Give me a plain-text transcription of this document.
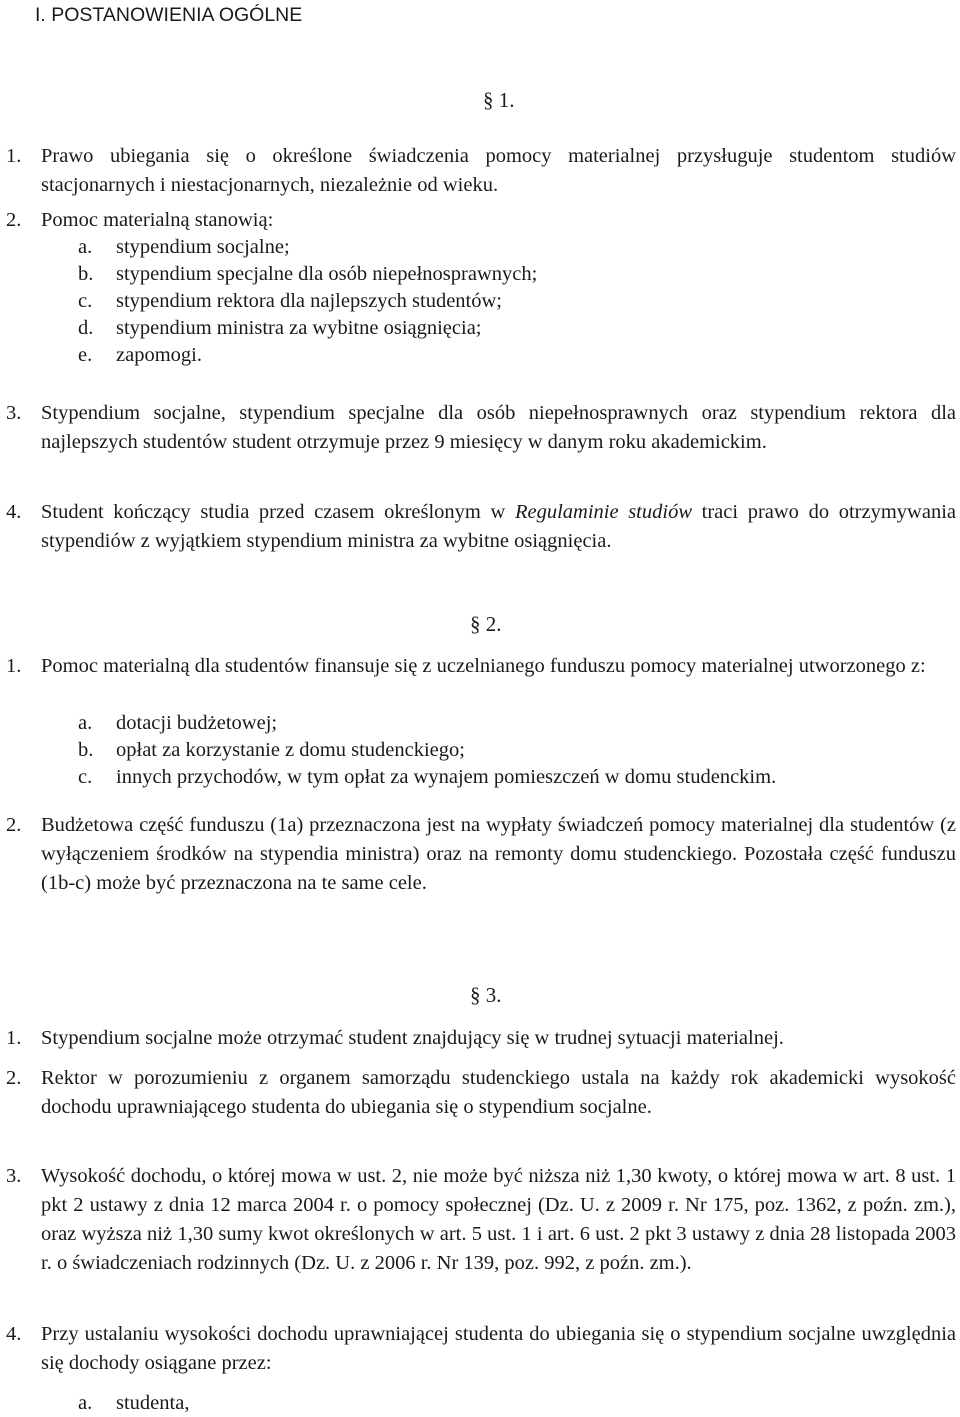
I. POSTANOWIENIA OGÓLNE
§ 1.
1. Prawo ubiegania się o określone świadczenia pomocy materialnej przysługuje studentom studiów stacjonarnych i niestacjonarnych, niezależnie od wieku.
2. Pomoc materialną stanowią:
a. stypendium socjalne;
b. stypendium specjalne dla osób niepełnosprawnych;
c. stypendium rektora dla najlepszych studentów;
d. stypendium ministra za wybitne osiągnięcia;
e. zapomogi.
3. Stypendium socjalne, stypendium specjalne dla osób niepełnosprawnych oraz stypendium rektora dla najlepszych studentów student otrzymuje przez 9 miesięcy w danym roku akademickim.
4. Student kończący studia przed czasem określonym w Regulaminie studiów traci prawo do otrzymywania stypendiów z wyjątkiem stypendium ministra za wybitne osiągnięcia.
§ 2.
1. Pomoc materialną dla studentów finansuje się z uczelnianego funduszu pomocy materialnej utworzonego z:
a. dotacji budżetowej;
b. opłat za korzystanie z domu studenckiego;
c. innych przychodów, w tym opłat za wynajem pomieszczeń w domu studenckim.
2. Budżetowa część funduszu (1a) przeznaczona jest na wypłaty świadczeń pomocy materialnej dla studentów (z wyłączeniem środków na stypendia ministra) oraz na remonty domu studenckiego. Pozostała część funduszu (1b-c) może być przeznaczona na te same cele.
§ 3.
1. Stypendium socjalne może otrzymać student znajdujący się w trudnej sytuacji materialnej.
2. Rektor w porozumieniu z organem samorządu studenckiego ustala na każdy rok akademicki wysokość dochodu uprawniającego studenta do ubiegania się o stypendium socjalne.
3. Wysokość dochodu, o której mowa w ust. 2, nie może być niższa niż 1,30 kwoty, o której mowa w art. 8 ust. 1 pkt 2 ustawy z dnia 12 marca 2004 r. o pomocy społecznej (Dz. U. z 2009 r. Nr 175, poz. 1362, z poźn. zm.), oraz wyższa niż 1,30 sumy kwot określonych w art. 5 ust. 1 i art. 6 ust. 2 pkt 3 ustawy z dnia 28 listopada 2003 r. o świadczeniach rodzinnych (Dz. U. z 2006 r. Nr 139, poz. 992, z poźn. zm.).
4. Przy ustalaniu wysokości dochodu uprawniającej studenta do ubiegania się o stypendium socjalne uwzględnia się dochody osiągane przez:
a. studenta,
